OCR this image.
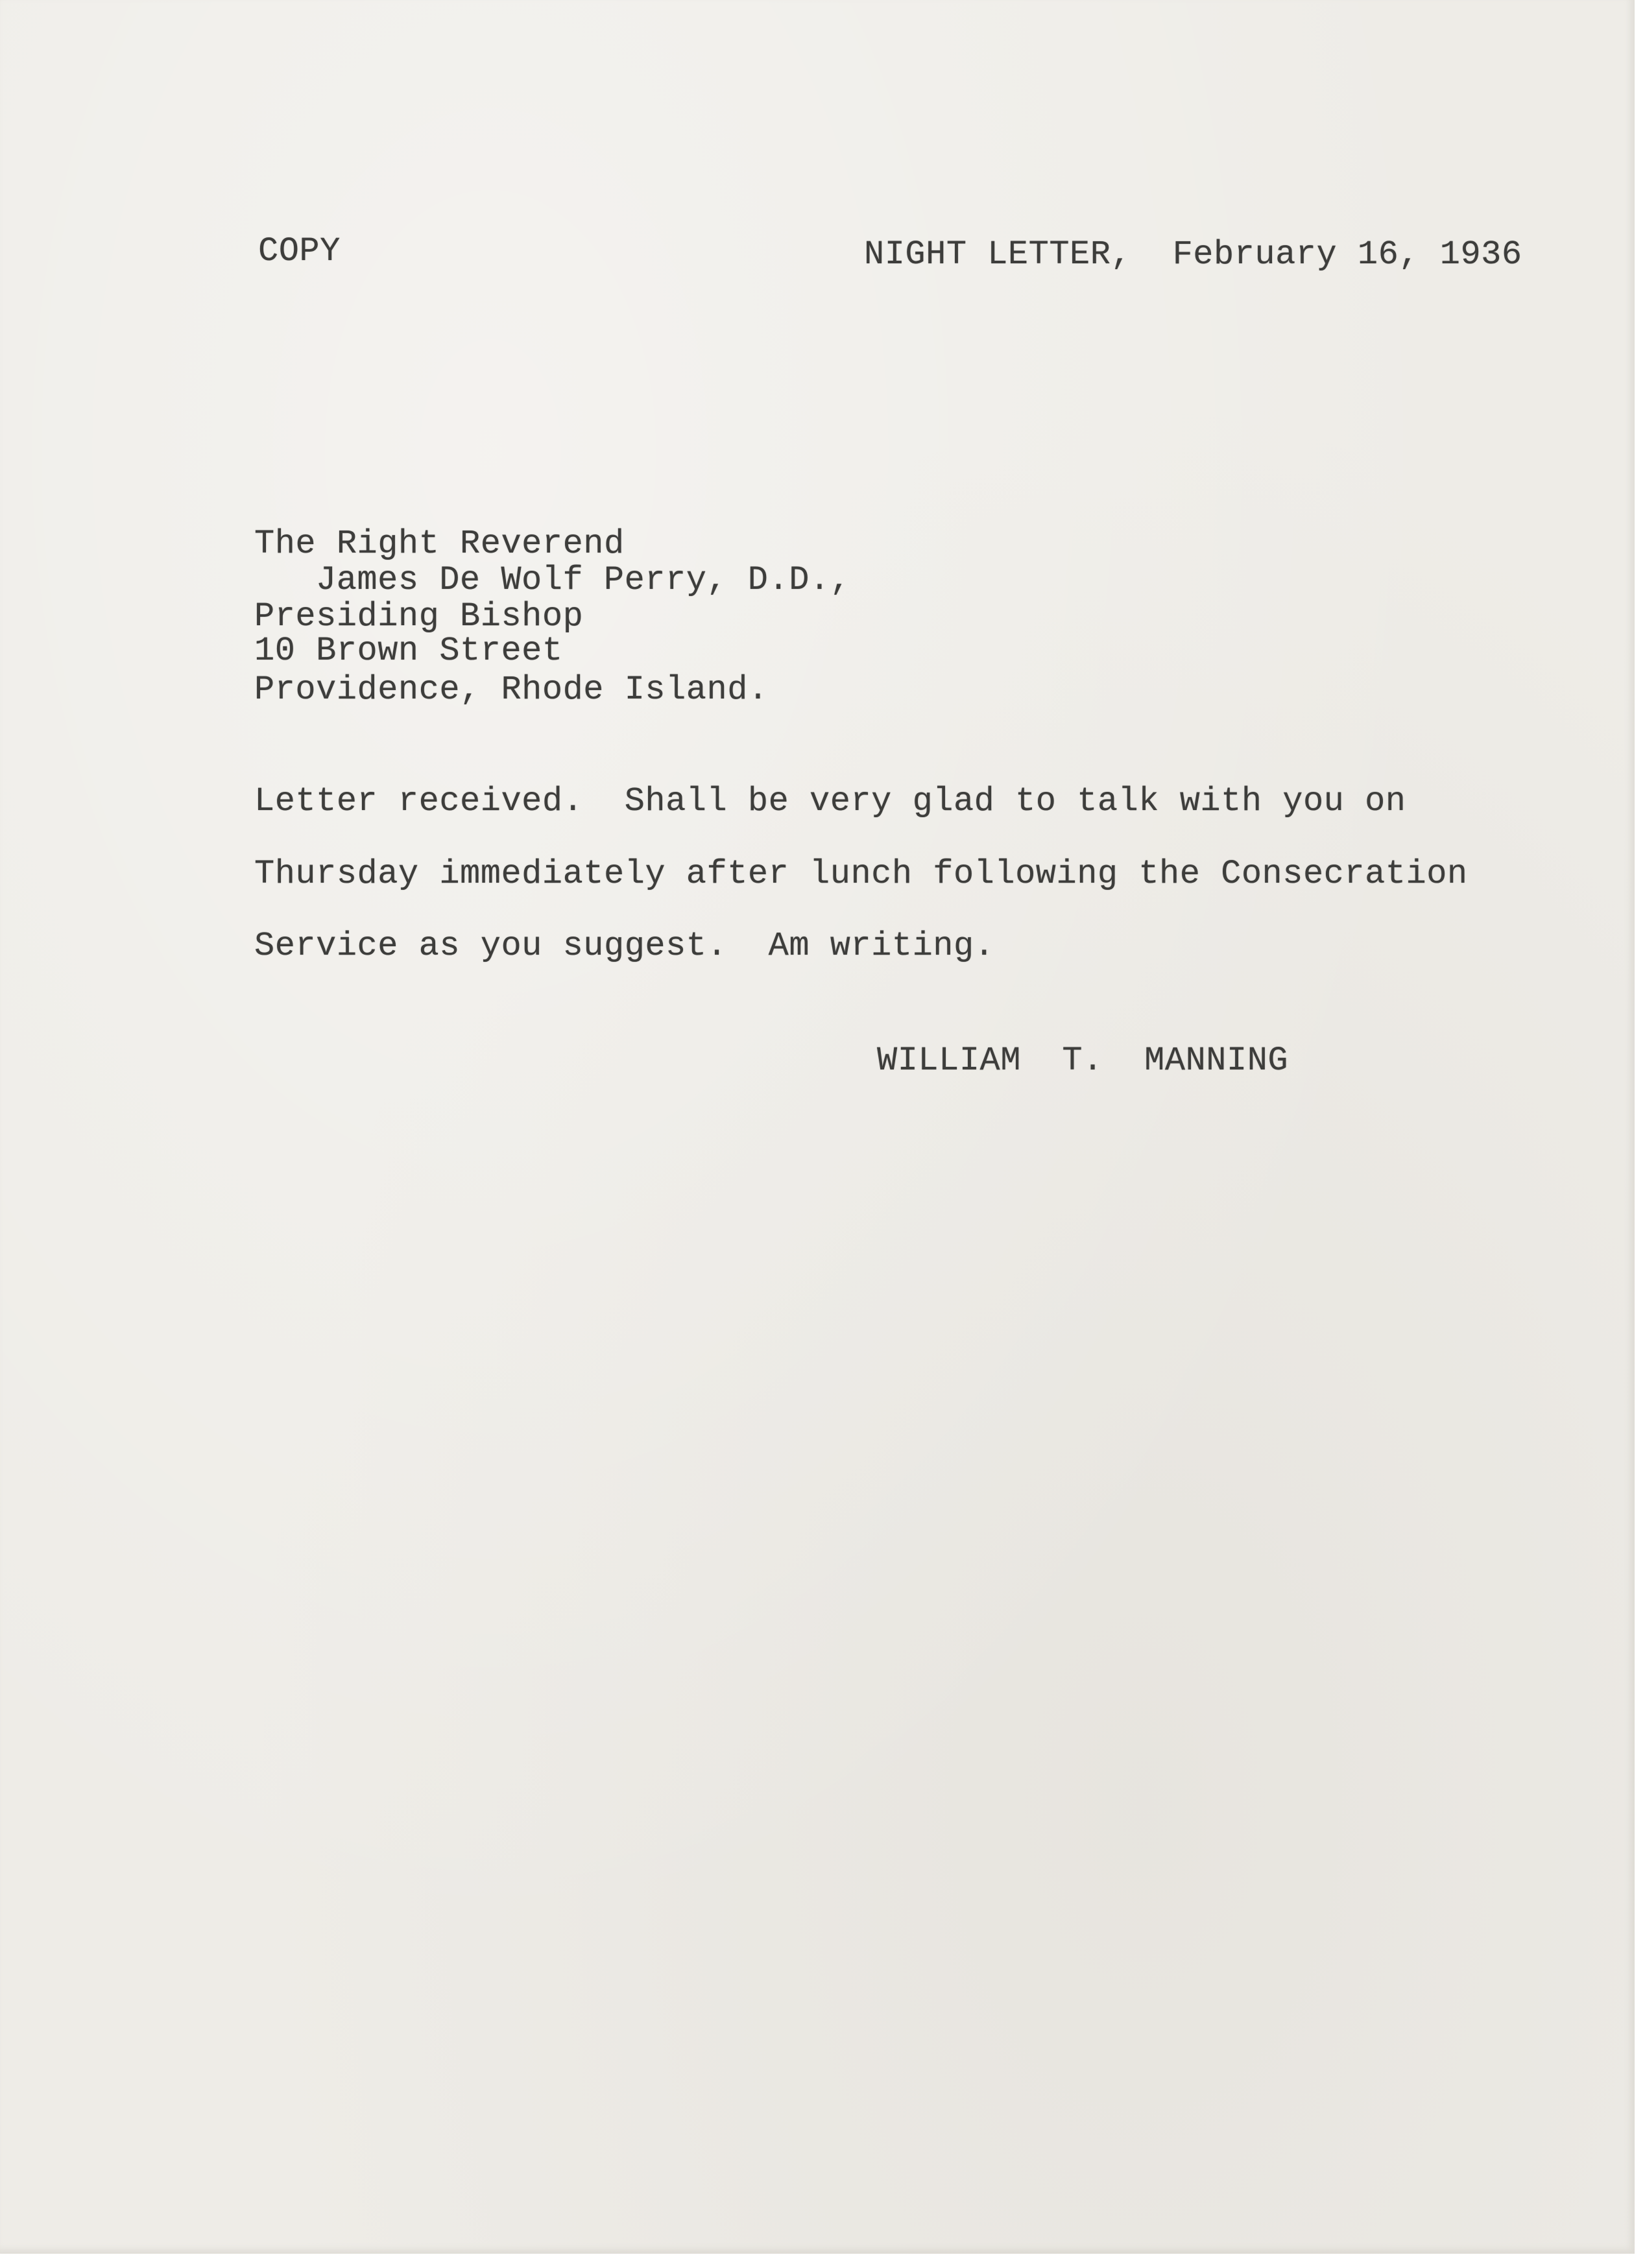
COPY	NIGHT LETTER,  February 16, 1936
The Right Reverend
James De Wolf Perry, D.D.,
Presiding Bishop
10 Brown Street
Providence, Rhode Island.
Letter received.  Shall be very glad to talk with you on
Thursday immediately after lunch following the Consecration
Service as you suggest.  Am writing.
WILLIAM  T.  MANNING
